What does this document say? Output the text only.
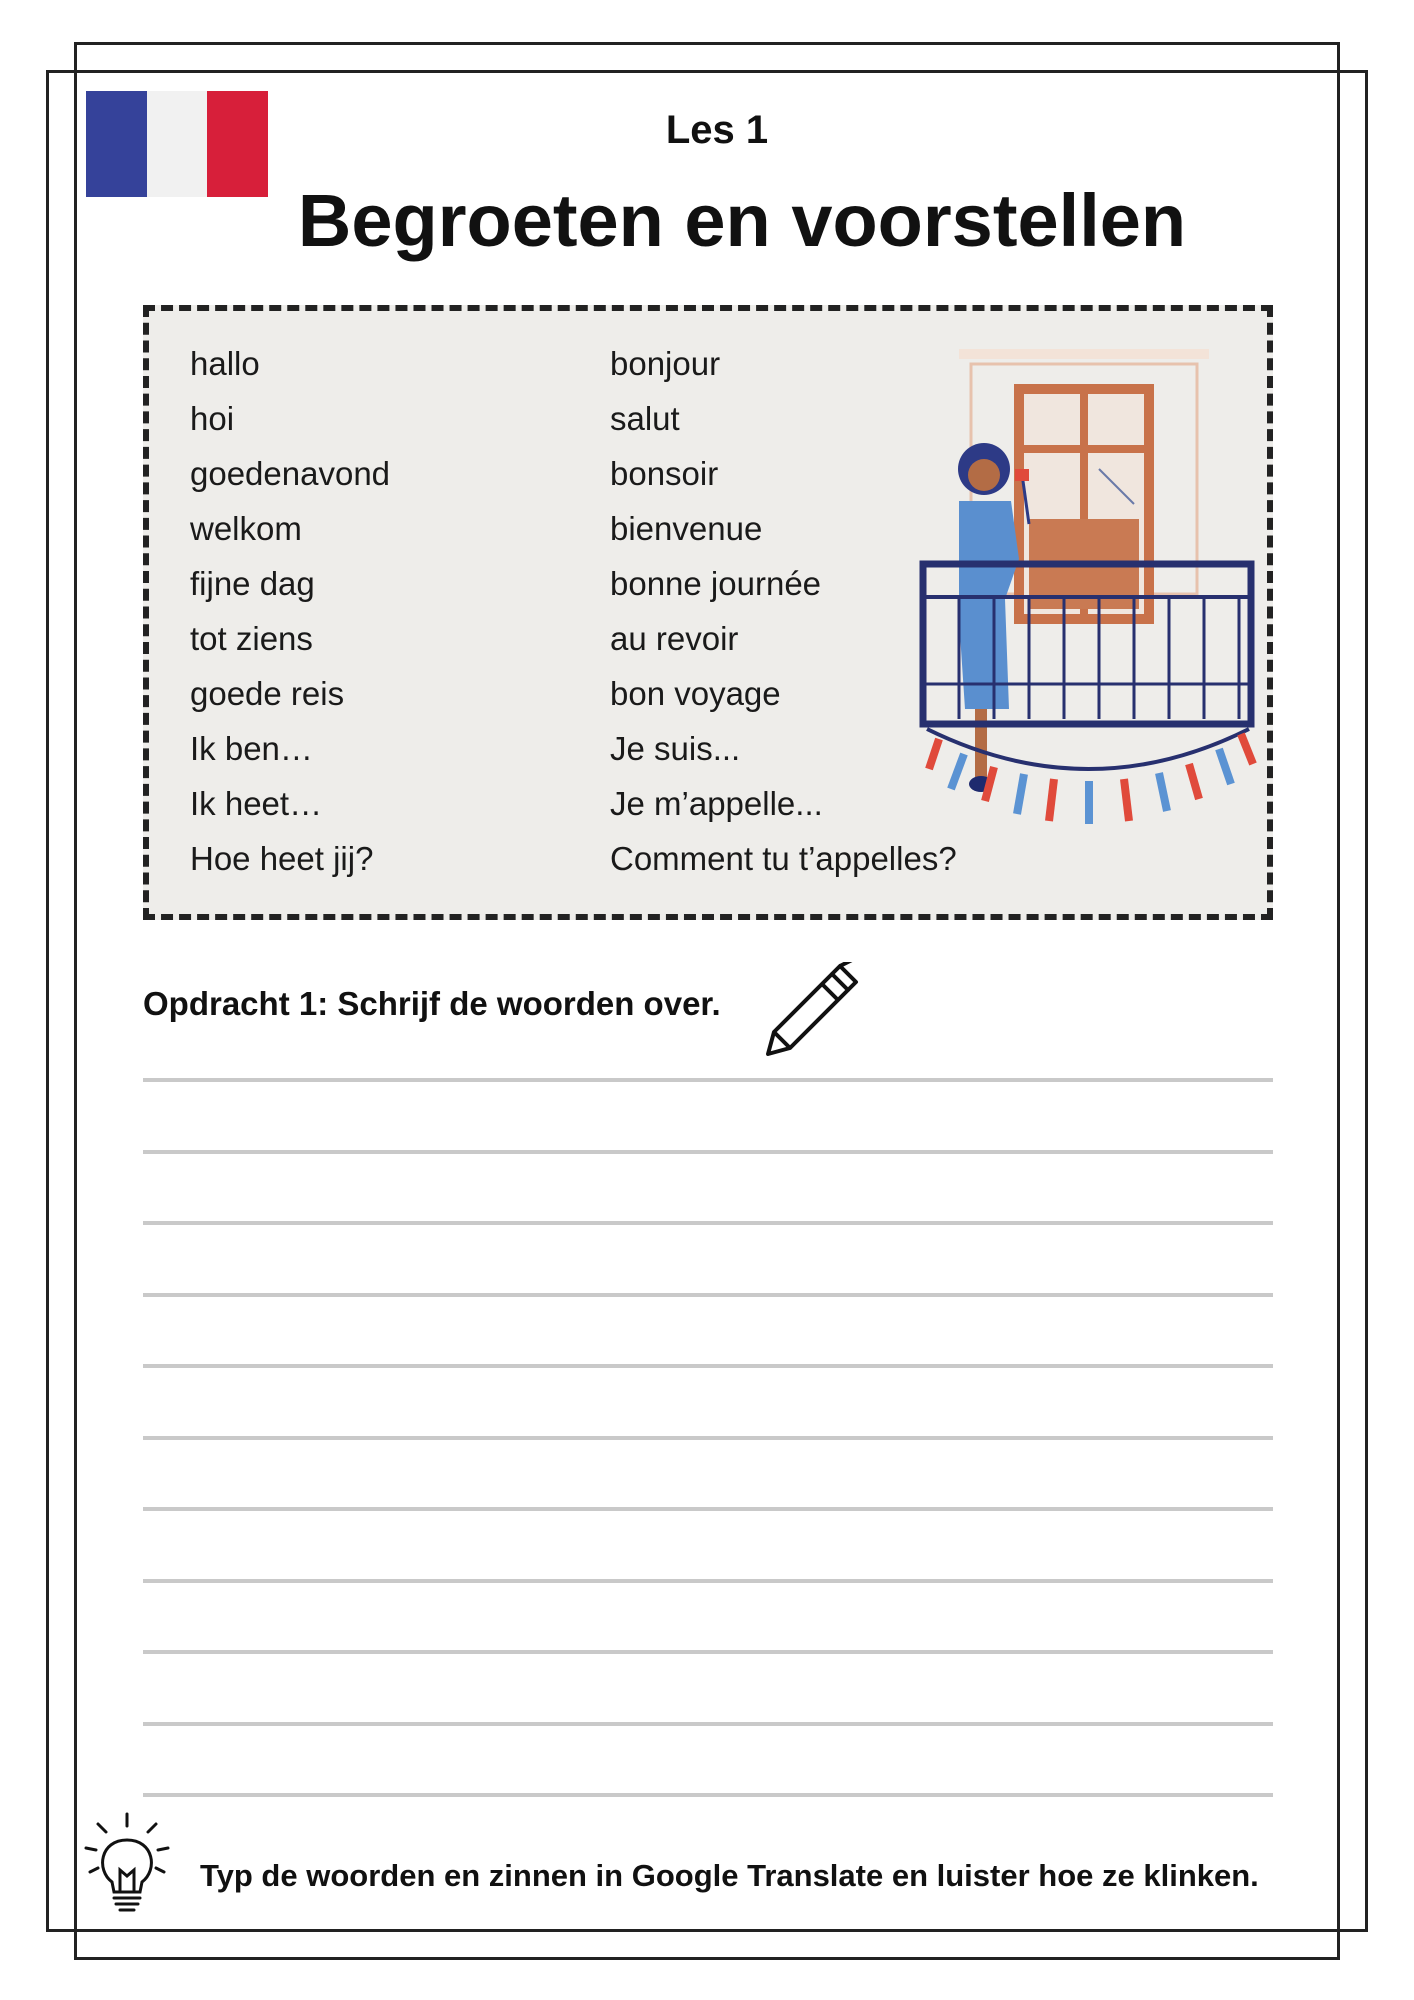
Les 1
Begroeten en voorstellen
hallo	bonjour
hoi	salut
goedenavond	bonsoir
welkom	bienvenue
fijne dag	bonne journée
tot ziens	au revoir
goede reis	bon voyage
Ik ben…	Je suis...
Ik heet…	Je m’appelle...
Hoe heet jij?	Comment tu t’appelles?
Opdracht 1: Schrijf de woorden over.
Typ de woorden en zinnen in Google Translate en luister hoe ze klinken.
